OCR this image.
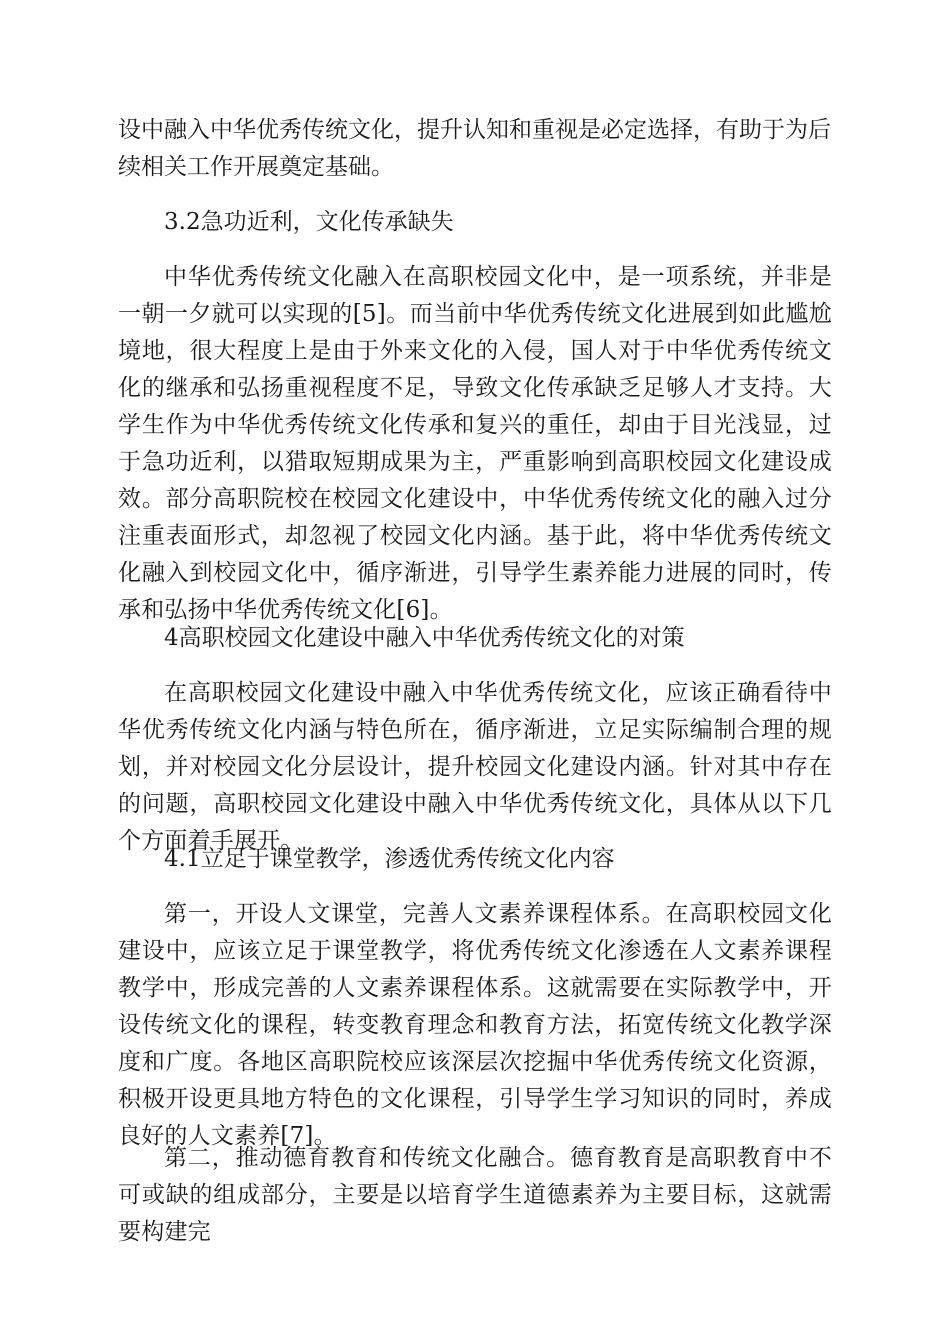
设中融入中华优秀传统文化，提升认知和重视是必定选择，有助于为后续相关工作开展奠定基础。

3.2急功近利，文化传承缺失

中华优秀传统文化融入在高职校园文化中，是一项系统，并非是一朝一夕就可以实现的[5]。而当前中华优秀传统文化进展到如此尴尬境地，很大程度上是由于外来文化的入侵，国人对于中华优秀传统文化的继承和弘扬重视程度不足，导致文化传承缺乏足够人才支持。大学生作为中华优秀传统文化传承和复兴的重任，却由于目光浅显，过于急功近利，以猎取短期成果为主，严重影响到高职校园文化建设成效。部分高职院校在校园文化建设中，中华优秀传统文化的融入过分注重表面形式，却忽视了校园文化内涵。基于此，将中华优秀传统文化融入到校园文化中，循序渐进，引导学生素养能力进展的同时，传承和弘扬中华优秀传统文化[6]。

4高职校园文化建设中融入中华优秀传统文化的对策

在高职校园文化建设中融入中华优秀传统文化，应该正确看待中华优秀传统文化内涵与特色所在，循序渐进，立足实际编制合理的规划，并对校园文化分层设计，提升校园文化建设内涵。针对其中存在的问题，高职校园文化建设中融入中华优秀传统文化，具体从以下几个方面着手展开。

4.1立足于课堂教学，渗透优秀传统文化内容

第一，开设人文课堂，完善人文素养课程体系。在高职校园文化建设中，应该立足于课堂教学，将优秀传统文化渗透在人文素养课程教学中，形成完善的人文素养课程体系。这就需要在实际教学中，开设传统文化的课程，转变教育理念和教育方法，拓宽传统文化教学深度和广度。各地区高职院校应该深层次挖掘中华优秀传统文化资源，积极开设更具地方特色的文化课程，引导学生学习知识的同时，养成良好的人文素养[7]。

第二，推动德育教育和传统文化融合。德育教育是高职教育中不可或缺的组成部分，主要是以培育学生道德素养为主要目标，这就需要构建完
